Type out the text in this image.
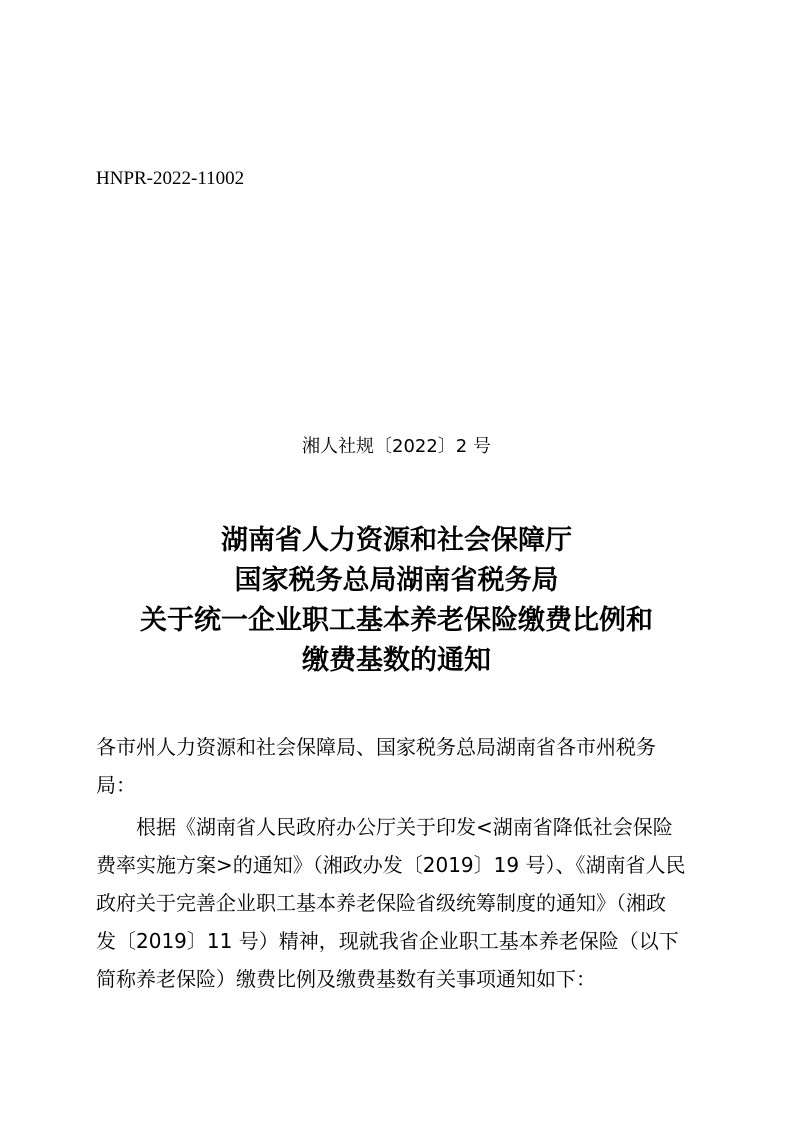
HNPR-2022-11002
湘人社规〔2022〕2 号
湖南省人力资源和社会保障厅
国家税务总局湖南省税务局
关于统一企业职工基本养老保险缴费比例和
缴费基数的通知
各市州人力资源和社会保障局、国家税务总局湖南省各市州税务
局：
根据《湖南省人民政府办公厅关于印发<湖南省降低社会保险
费率实施方案>的通知》（湘政办发〔2019〕19 号）、《湖南省人民
政府关于完善企业职工基本养老保险省级统筹制度的通知》（湘政
发〔2019〕11 号）精神，现就我省企业职工基本养老保险（以下
简称养老保险）缴费比例及缴费基数有关事项通知如下：
